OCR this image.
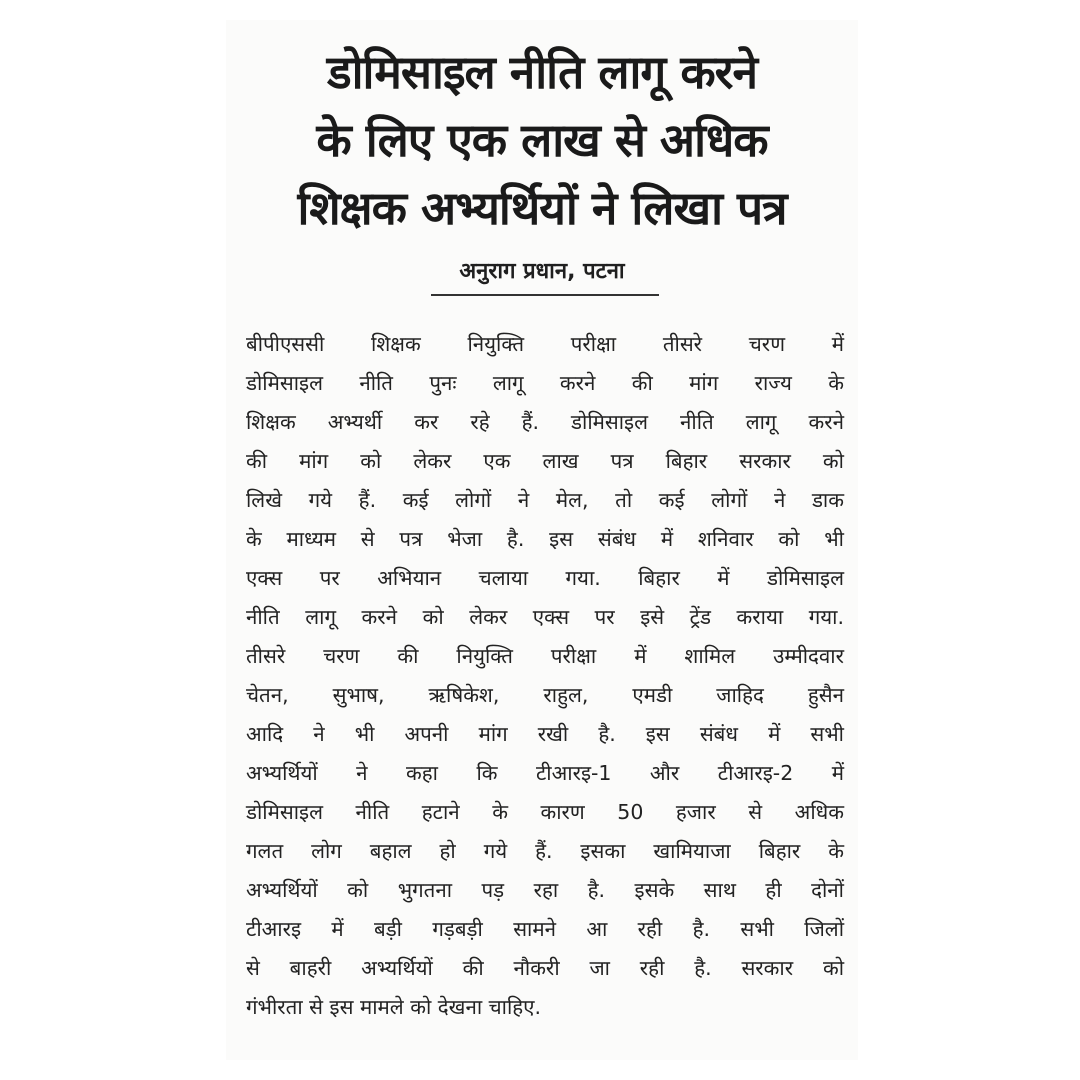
डोमिसाइल नीति लागू करने
के लिए एक लाख से अधिक
शिक्षक अभ्यर्थियों ने लिखा पत्र
अनुराग प्रधान, पटना
बीपीएससी शिक्षक नियुक्ति परीक्षा तीसरे चरण में
डोमिसाइल नीति पुनः लागू करने की मांग राज्य के
शिक्षक अभ्यर्थी कर रहे हैं. डोमिसाइल नीति लागू करने
की मांग को लेकर एक लाख पत्र बिहार सरकार को
लिखे गये हैं. कई लोगों ने मेल, तो कई लोगों ने डाक
के माध्यम से पत्र भेजा है. इस संबंध में शनिवार को भी
एक्स पर अभियान चलाया गया. बिहार में डोमिसाइल
नीति लागू करने को लेकर एक्स पर इसे ट्रेंड कराया गया.
तीसरे चरण की नियुक्ति परीक्षा में शामिल उम्मीदवार
चेतन, सुभाष, ऋषिकेश, राहुल, एमडी जाहिद हुसैन
आदि ने भी अपनी मांग रखी है. इस संबंध में सभी
अभ्यर्थियों ने कहा कि टीआरइ-1 और टीआरइ-2 में
डोमिसाइल नीति हटाने के कारण 50 हजार से अधिक
गलत लोग बहाल हो गये हैं. इसका खामियाजा बिहार के
अभ्यर्थियों को भुगतना पड़ रहा है. इसके साथ ही दोनों
टीआरइ में बड़ी गड़बड़ी सामने आ रही है. सभी जिलों
से बाहरी अभ्यर्थियों की नौकरी जा रही है. सरकार को
गंभीरता से इस मामले को देखना चाहिए.
